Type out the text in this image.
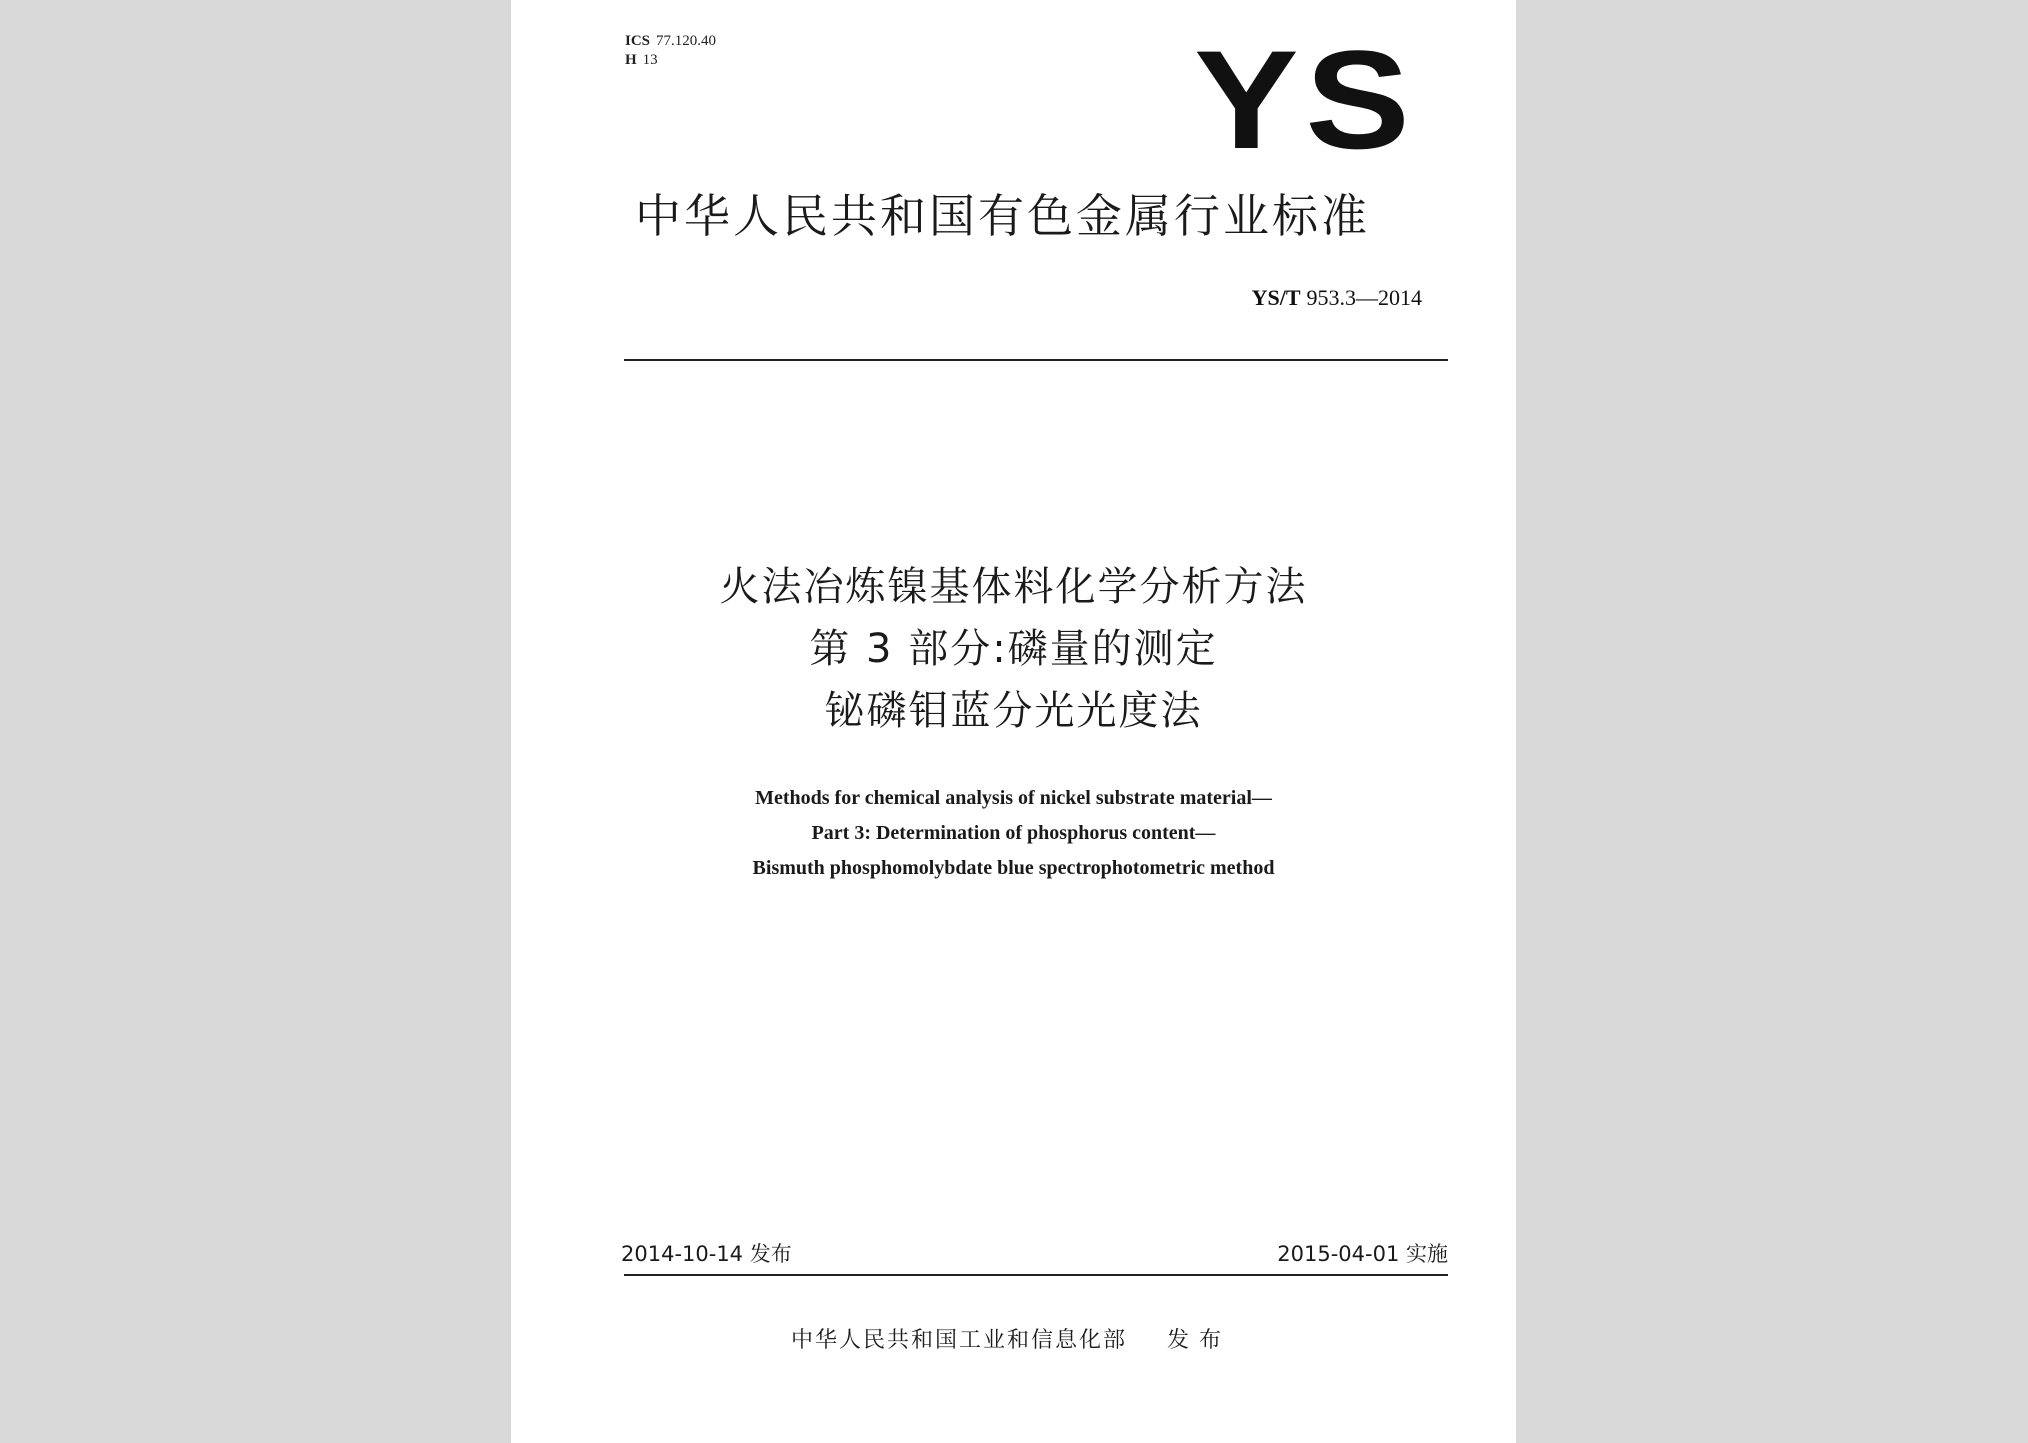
ICS 77.120.40
H 13	YS
中华人民共和国有色金属行业标准
YS/T 953.3—2014
火法冶炼镍基体料化学分析方法
第 3 部分:磷量的测定
铋磷钼蓝分光光度法
Methods for chemical analysis of nickel substrate material—
Part 3: Determination of phosphorus content—
Bismuth phosphomolybdate blue spectrophotometric method
2014-10-14 发布	2015-04-01 实施
中华人民共和国工业和信息化部 发布
